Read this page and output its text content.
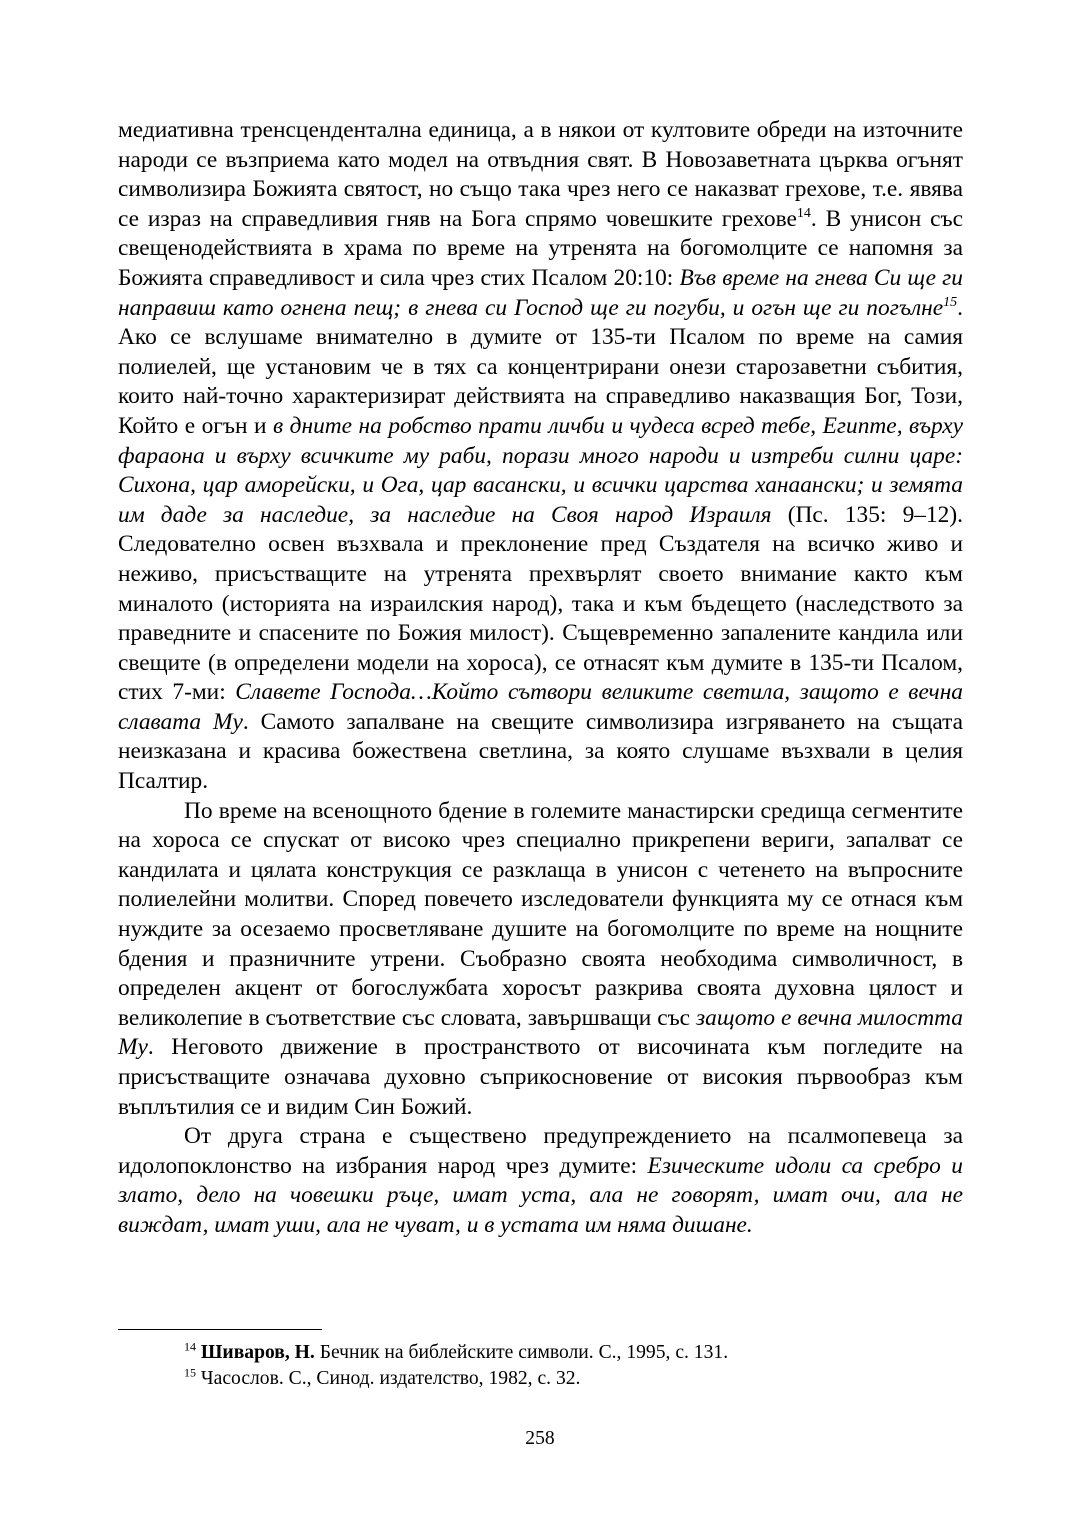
медиативна трeнсцендентална единица, а в някои от култовите обреди на източните народи се възприема като модел на отвъдния свят. В Новозаветната църква огънят символизира Божията святост, но също така чрез него се наказват грехове, т.е. явява се израз на справедливия гняв на Бога спрямо човешките грехове$^{14}$. В унисон със свещенодействията в храма по време на утренята на богомолците се напомня за Божията справедливост и сила чрез стих Псалом 20:10: Във време на гнева Си ще ги направиш като огнена пещ; в гнева си Господ ще ги погуби, и огън ще ги погълне$^{15}$. Ако се вслушаме внимателно в думите от 135-ти Псалом по време на самия полиелей, ще установим че в тях са концентрирани онези старозаветни събития, които най-точно характеризират действията на справедливо наказващия Бог, Този, Който е огън и в дните на робство прати личби и чудеса всред тебе, Египте, върху фараона и върху всичките му раби, порази много народи и изтреби силни царе: Сихона, цар аморейски, и Ога, цар васански, и всички царства ханаански; и земята им даде за наследие, за наследие на Своя народ Израиля (Пс. 135: 9–12). Следователно освен възхвала и преклонение пред Създателя на всичко живо и неживо, присъстващите на утренята прехвърлят своето внимание както към миналото (историята на израилския народ), така и към бъдещето (наследството за праведните и спасените по Божия милост). Същевременно запалените кандила или свещите (в определени модели на хороса), се отнасят към думите в 135-ти Псалом, стих 7-ми: Славете Господа…Който сътвори великите светила, защото е вечна славата Му. Самото запалване на свещите символизира изгряването на същата неизказана и красива божествена светлина, за която слушаме възхвали в целия Псалтир.

По време на всенощното бдение в големите манастирски средища сегментите на хороса се спускат от високо чрез специално прикрепени вериги, запалват се кандилата и цялата конструкция се разклаща в унисон с четенето на въпросните полиелейни молитви. Според повечето изследователи функцията му се отнася към нуждите за осезаемо просветляване душите на богомолците по време на нощните бдения и празничните утрени. Съобразно своята необходима символичност, в определен акцент от богослужбата хоросът разкрива своята духовна цялост и великолепие в съответствие със словата, завършващи със защото е вечна милостта Му. Неговото движение в пространството от височината към погледите на присъстващите означава духовно съприкосновение от високия първообраз към въплътилия се и видим Син Божий.

От друга страна е съществено предупреждението на псалмопевеца за идолопоклонство на избрания народ чрез думите: Езическите идоли са сребро и злато, дело на човешки ръце, имат уста, ала не говорят, имат очи, ала не виждат, имат уши, ала не чуват, и в устата им няма дишане.

$^{14}$ Шиваров, Н. Бечник на библейските символи. С., 1995, с. 131.

$^{15}$ Часослов. С., Синод. издателство, 1982, с. 32.

258
